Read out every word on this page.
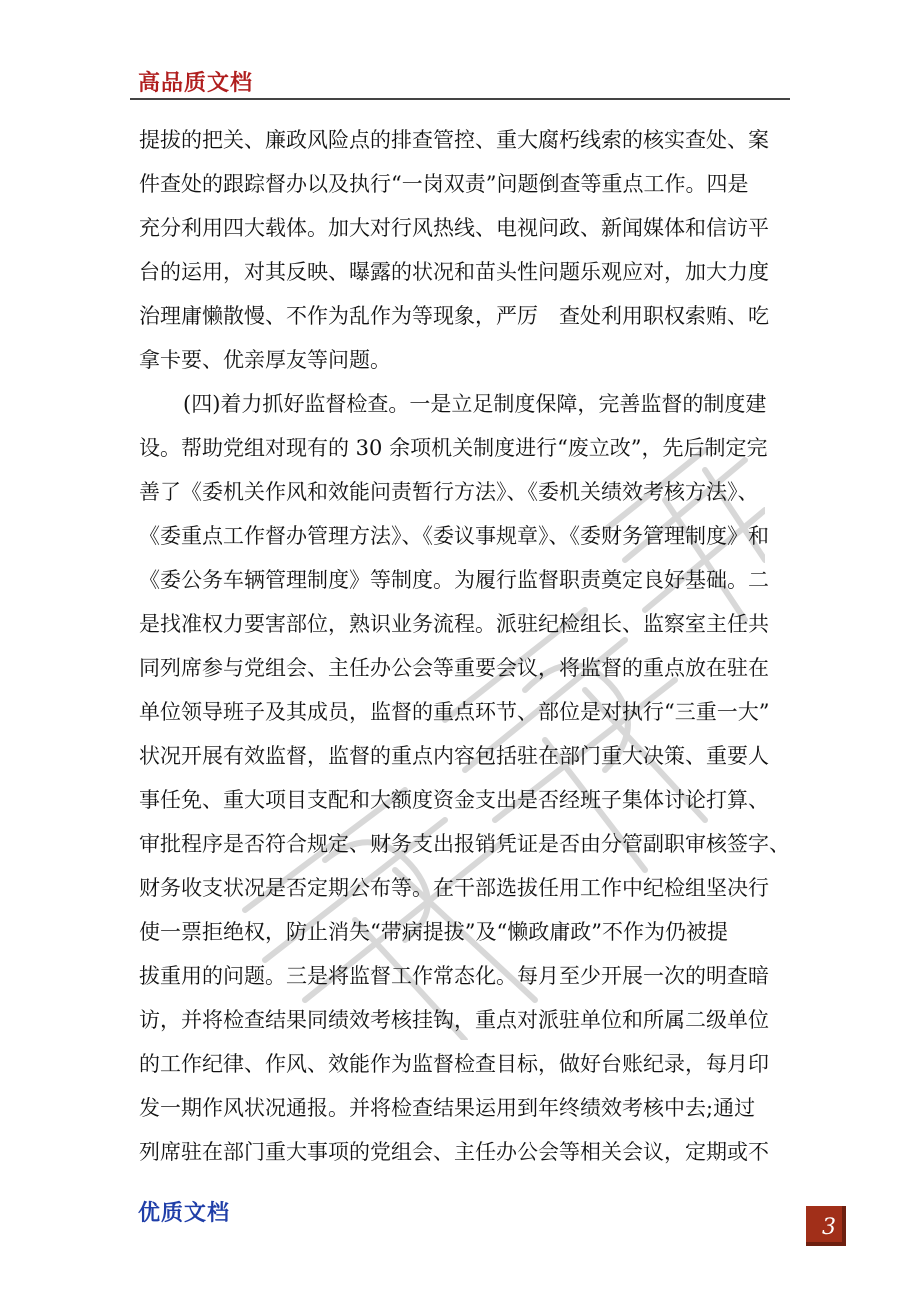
高品质文档
提拔的把关、廉政风险点的排查管控、重大腐朽线索的核实查处、案
件查处的跟踪督办以及执行“一岗双责”问题倒查等重点工作。四是
充分利用四大载体。加大对行风热线、电视问政、新闻媒体和信访平
台的运用，对其反映、曝露的状况和苗头性问题乐观应对，加大力度
治理庸懒散慢、不作为乱作为等现象，严厉　查处利用职权索贿、吃
拿卡要、优亲厚友等问题。
(四)着力抓好监督检查。一是立足制度保障，完善监督的制度建
设。帮助党组对现有的 30 余项机关制度进行“废立改”，先后制定完
善了《委机关作风和效能问责暂行方法》、《委机关绩效考核方法》、
《委重点工作督办管理方法》、《委议事规章》、《委财务管理制度》和
《委公务车辆管理制度》等制度。为履行监督职责奠定良好基础。二
是找准权力要害部位，熟识业务流程。派驻纪检组长、监察室主任共
同列席参与党组会、主任办公会等重要会议，将监督的重点放在驻在
单位领导班子及其成员，监督的重点环节、部位是对执行“三重一大”
状况开展有效监督，监督的重点内容包括驻在部门重大决策、重要人
事任免、重大项目支配和大额度资金支出是否经班子集体讨论打算、
审批程序是否符合规定、财务支出报销凭证是否由分管副职审核签字、
财务收支状况是否定期公布等。在干部选拔任用工作中纪检组坚决行
使一票拒绝权，防止消失“带病提拔”及“懒政庸政”不作为仍被提
拔重用的问题。三是将监督工作常态化。每月至少开展一次的明查暗
访，并将检查结果同绩效考核挂钩，重点对派驻单位和所属二级单位
的工作纪律、作风、效能作为监督检查目标，做好台账纪录，每月印
发一期作风状况通报。并将检查结果运用到年终绩效考核中去;通过
列席驻在部门重大事项的党组会、主任办公会等相关会议，定期或不
优质文档
3
